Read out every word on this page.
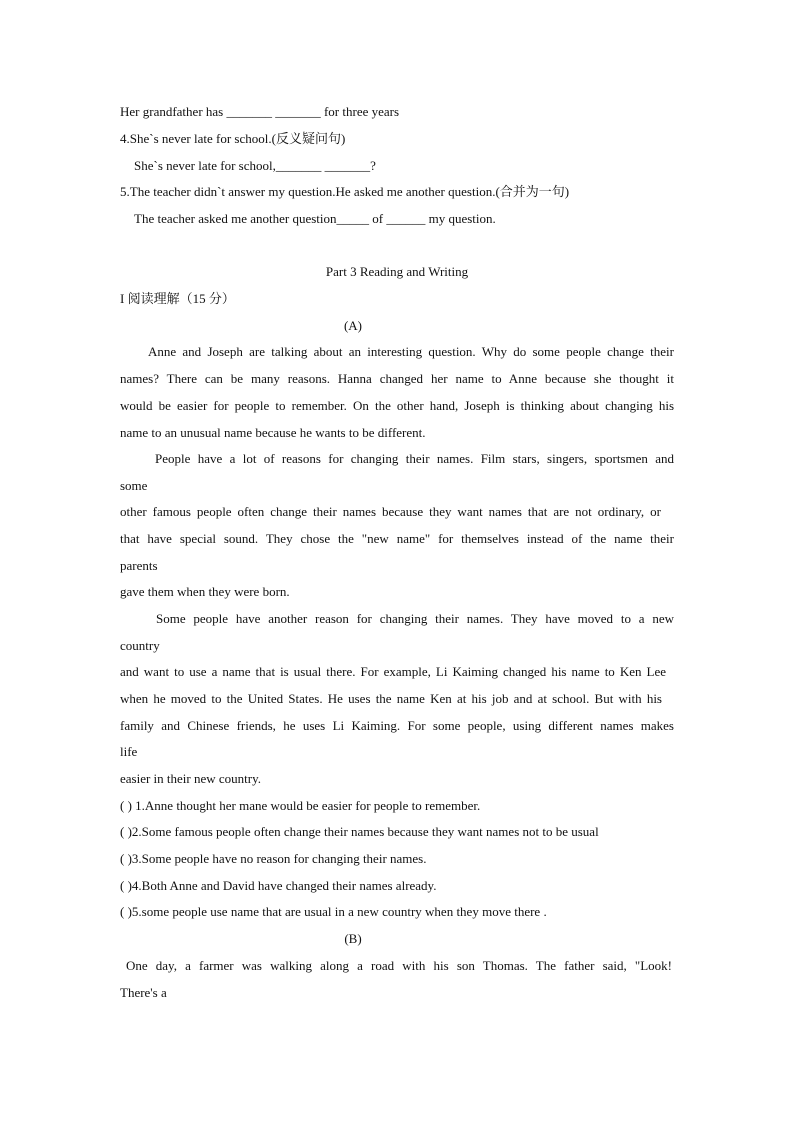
Her grandfather has _______ _______ for three years
4.She`s never late for school.(反义疑问句)
She`s never late for school,_______ _______?
5.The teacher didn`t answer my question.He asked me another question.(合并为一句)
The teacher asked me another question_____ of ______ my question.
Part 3 Reading and Writing
I 阅读理解（15 分）
(A)
Anne and Joseph are talking about an interesting question. Why do some people change their
names? There can be many reasons. Hanna changed her name to Anne because she thought it
would be easier for people to remember. On the other hand, Joseph is thinking about changing his
name to an unusual name because he wants to be different.
People have a lot of reasons for changing their names. Film stars, singers, sportsmen and
some
other famous people often change their names because they want names that are not ordinary, or
that have special sound. They chose the "new name" for themselves instead of the name their
parents
gave them when they were born.
Some people have another reason for changing their names. They have moved to a new
country
and want to use a name that is usual there. For example, Li Kaiming changed his name to Ken Lee
when he moved to the United States. He uses the name Ken at his job and at school. But with his
family and Chinese friends, he uses Li Kaiming. For some people, using different names makes
life
easier in their new country.
( ) 1.Anne thought her mane would be easier for people to remember.
( )2.Some famous people often change their names because they want names not to be usual
( )3.Some people have no reason for changing their names.
( )4.Both Anne and David have changed their names already.
( )5.some people use name that are usual in a new country when they move there .
(B)
One day, a farmer was walking along a road with his son Thomas. The father said, "Look!
There's a
